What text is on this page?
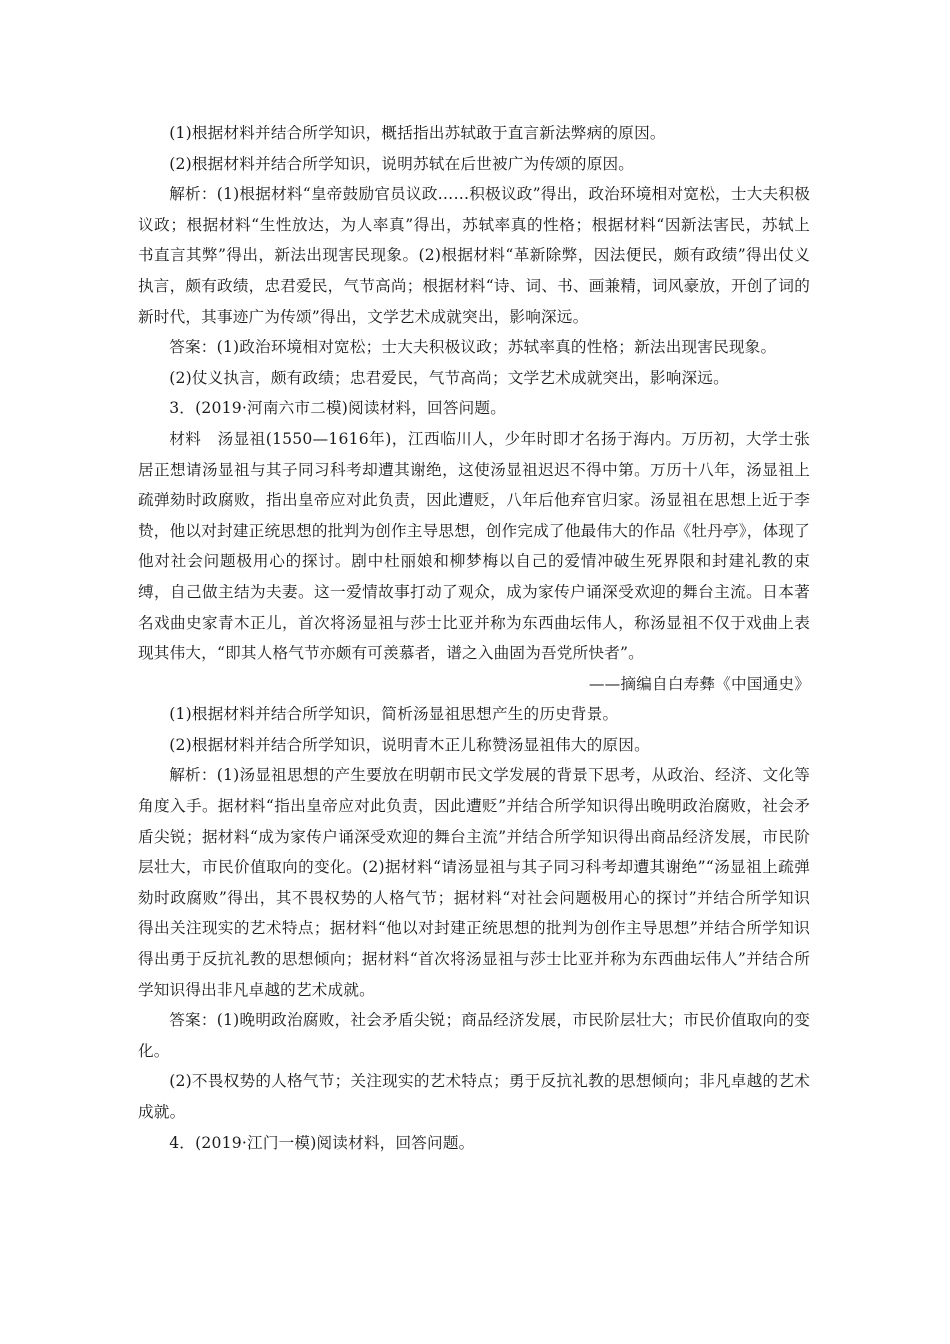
(1)根据材料并结合所学知识，概括指出苏轼敢于直言新法弊病的原因。

(2)根据材料并结合所学知识，说明苏轼在后世被广为传颂的原因。

解析：(1)根据材料“皇帝鼓励官员议政……积极议政”得出，政治环境相对宽松，士大夫积极议政；根据材料“生性放达，为人率真”得出，苏轼率真的性格；根据材料“因新法害民，苏轼上书直言其弊”得出，新法出现害民现象。(2)根据材料“革新除弊，因法便民，颇有政绩”得出仗义执言，颇有政绩，忠君爱民，气节高尚；根据材料“诗、词、书、画兼精，词风豪放，开创了词的新时代，其事迹广为传颂”得出，文学艺术成就突出，影响深远。

答案：(1)政治环境相对宽松；士大夫积极议政；苏轼率真的性格；新法出现害民现象。

(2)仗义执言，颇有政绩；忠君爱民，气节高尚；文学艺术成就突出，影响深远。

3．(2019·河南六市二模)阅读材料，回答问题。

材料　汤显祖(1550—1616年)，江西临川人，少年时即才名扬于海内。万历初，大学士张居正想请汤显祖与其子同习科考却遭其谢绝，这使汤显祖迟迟不得中第。万历十八年，汤显祖上疏弹劾时政腐败，指出皇帝应对此负责，因此遭贬，八年后他弃官归家。汤显祖在思想上近于李贽，他以对封建正统思想的批判为创作主导思想，创作完成了他最伟大的作品《牡丹亭》，体现了他对社会问题极用心的探讨。剧中杜丽娘和柳梦梅以自己的爱情冲破生死界限和封建礼教的束缚，自己做主结为夫妻。这一爱情故事打动了观众，成为家传户诵深受欢迎的舞台主流。日本著名戏曲史家青木正儿，首次将汤显祖与莎士比亚并称为东西曲坛伟人，称汤显祖不仅于戏曲上表现其伟大，“即其人格气节亦颇有可羡慕者，谱之入曲固为吾党所快者”。

——摘编自白寿彝《中国通史》

(1)根据材料并结合所学知识，简析汤显祖思想产生的历史背景。

(2)根据材料并结合所学知识，说明青木正儿称赞汤显祖伟大的原因。

解析：(1)汤显祖思想的产生要放在明朝市民文学发展的背景下思考，从政治、经济、文化等角度入手。据材料“指出皇帝应对此负责，因此遭贬”并结合所学知识得出晚明政治腐败，社会矛盾尖锐；据材料“成为家传户诵深受欢迎的舞台主流”并结合所学知识得出商品经济发展，市民阶层壮大，市民价值取向的变化。(2)据材料“请汤显祖与其子同习科考却遭其谢绝”“汤显祖上疏弹劾时政腐败”得出，其不畏权势的人格气节；据材料“对社会问题极用心的探讨”并结合所学知识得出关注现实的艺术特点；据材料“他以对封建正统思想的批判为创作主导思想”并结合所学知识得出勇于反抗礼教的思想倾向；据材料“首次将汤显祖与莎士比亚并称为东西曲坛伟人”并结合所学知识得出非凡卓越的艺术成就。

答案：(1)晚明政治腐败，社会矛盾尖锐；商品经济发展，市民阶层壮大；市民价值取向的变化。

(2)不畏权势的人格气节；关注现实的艺术特点；勇于反抗礼教的思想倾向；非凡卓越的艺术成就。

4．(2019·江门一模)阅读材料，回答问题。
